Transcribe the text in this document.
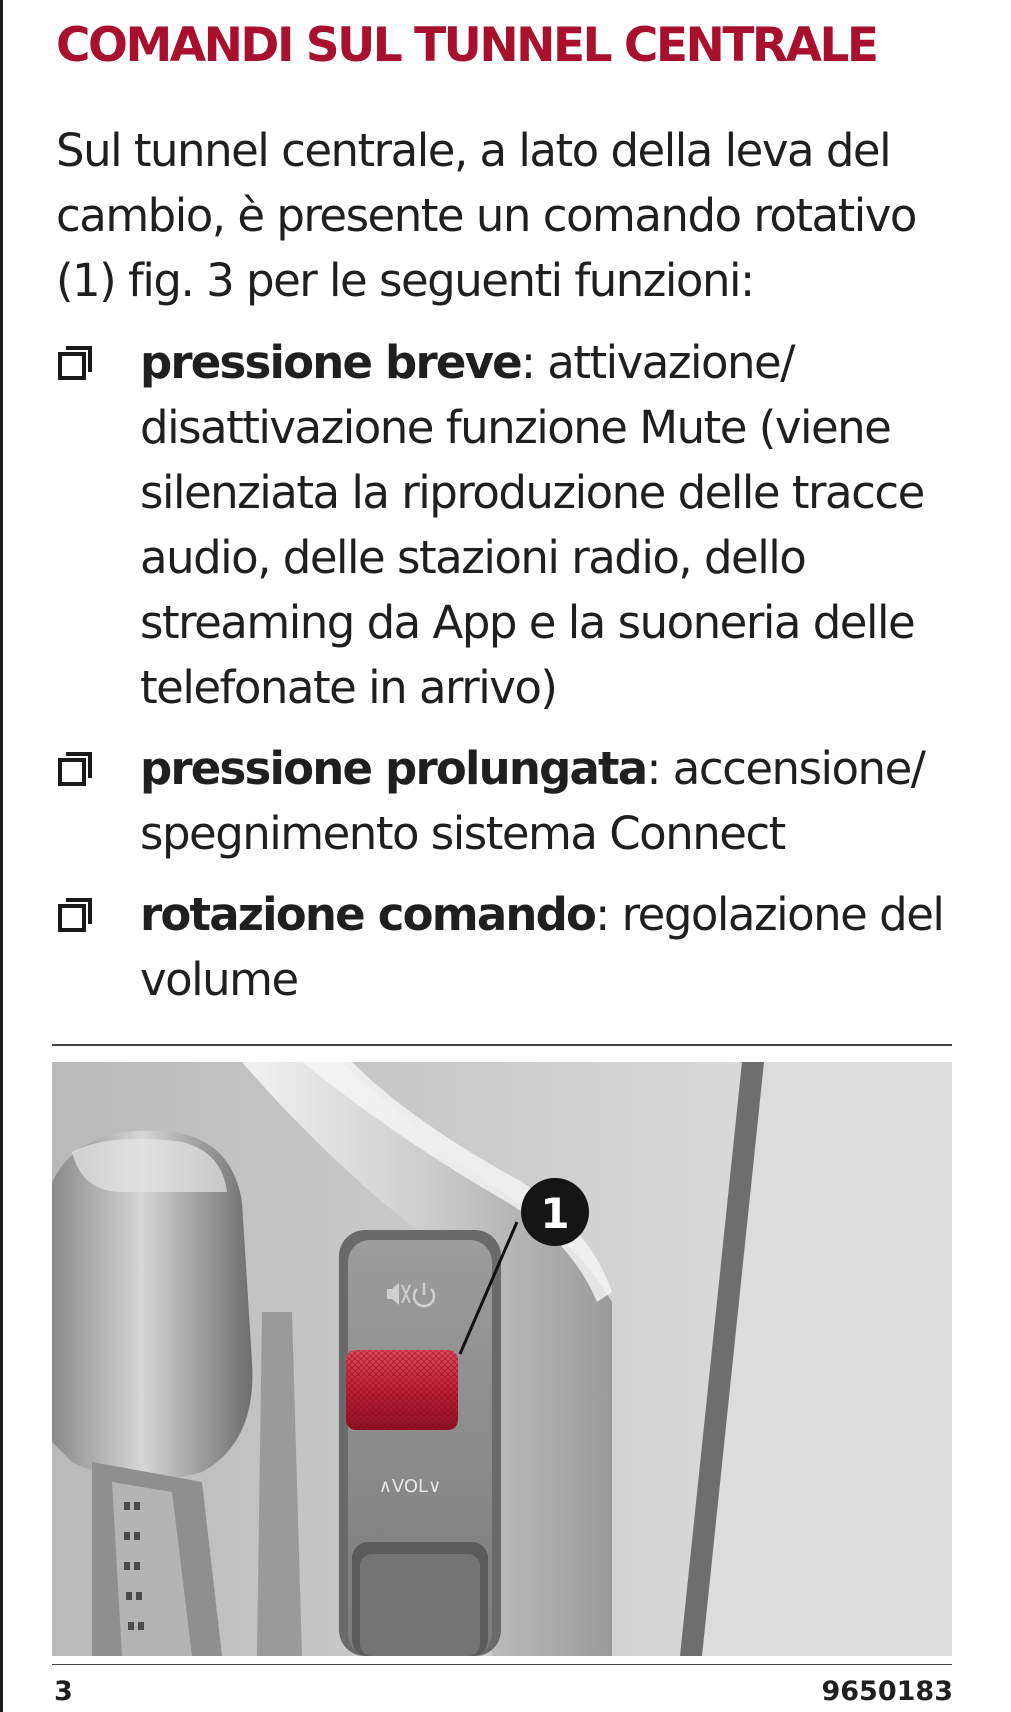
COMANDI SUL TUNNEL CENTRALE

Sul tunnel centrale, a lato della leva del cambio, è presente un comando rotativo (1) fig. 3 per le seguenti funzioni:

pressione breve: attivazione/ disattivazione funzione Mute (viene silenziata la riproduzione delle tracce audio, delle stazioni radio, dello streaming da App e la suoneria delle telefonate in arrivo)
pressione prolungata: accensione/ spegnimento sistema Connect
rotazione comando: regolazione del volume
∧VOL∨
1

3	9650183
